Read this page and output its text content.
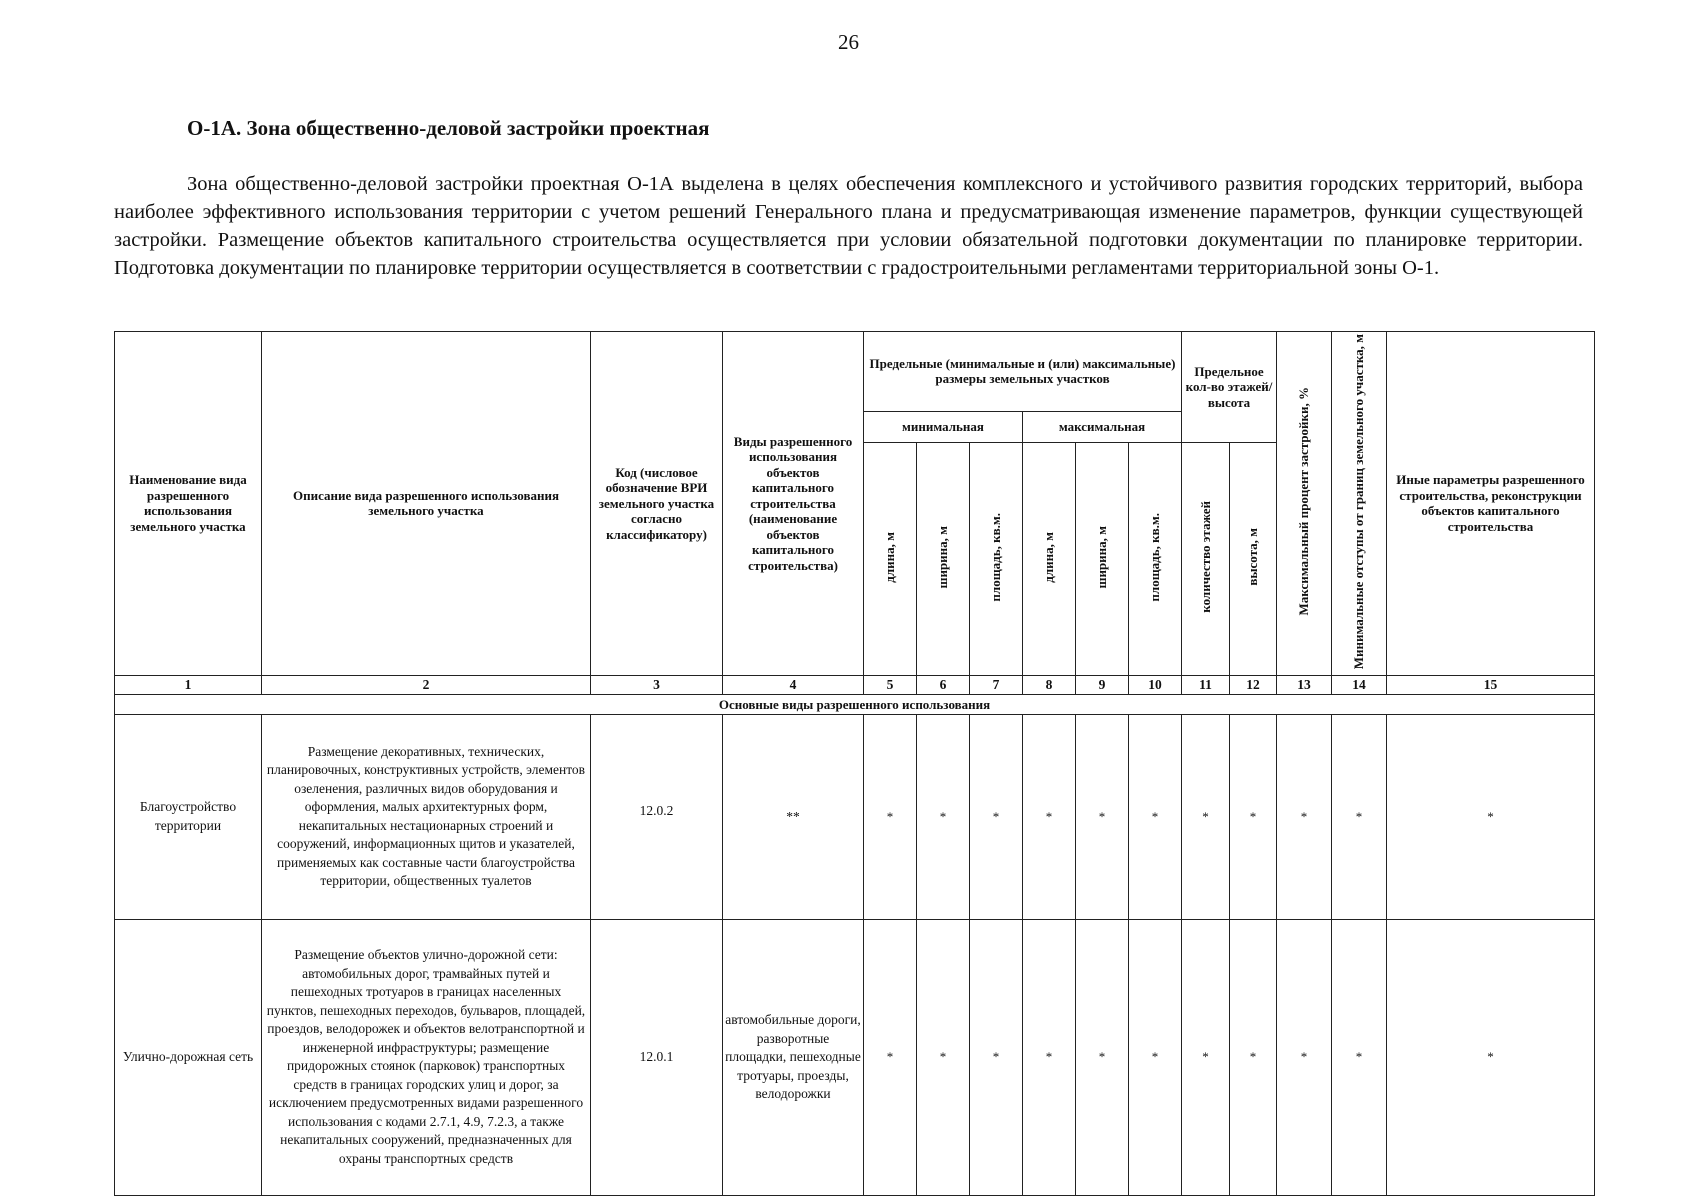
26
О-1А. Зона общественно-деловой застройки проектная

Зона общественно-деловой застройки проектная О-1А выделена в целях обеспечения комплексного и устойчивого развития городских территорий, выбора наиболее эффективного использования территории с учетом решений Генерального плана и предусматривающая изменение параметров, функции существующей застройки. Размещение объектов капитального строительства осуществляется при условии обязательной подготовки документации по планировке территории. Подготовка документации по планировке территории осуществляется в соответствии с градостроительными регламентами территориальной зоны О-1.

Наименование вида разрешенного использования земельного участка	Описание вида разрешенного использования земельного участка	Код (числовое обозначение ВРИ земельного участка согласно классификатору)	Виды разрешенного использования объектов капитального строительства (наименование объектов капитального строительства)	Предельные (минимальные и (или) максимальные) размеры земельных участков						Предельное кол-во этажей/ высота		Максимальный процент застройки, %	Минимальные отступы от границ земельного участка, м	Иные параметры разрешенного строительства, реконструкции объектов капитального строительства
				минимальная			максимальная							
				длина, м	ширина, м	площадь, кв.м.	длина, м	ширина, м	площадь, кв.м.	количество этажей	высота, м			
1	2	3	4	5	6	7	8	9	10	11	12	13	14	15
Основные виды разрешенного использования														
Благоустройство территории	Размещение декоративных, технических, планировочных, конструктивных устройств, элементов озеленения, различных видов оборудования и оформления, малых архитектурных форм, некапитальных нестационарных строений и сооружений, информационных щитов и указателей, применяемых как составные части благоустройства территории, общественных туалетов	12.0.2	**	*	*	*	*	*	*	*	*	*	*	*
Улично-дорожная сеть	Размещение объектов улично-дорожной сети: автомобильных дорог, трамвайных путей и пешеходных тротуаров в границах населенных пунктов, пешеходных переходов, бульваров, площадей, проездов, велодорожек и объектов велотранспортной и инженерной инфраструктуры; размещение придорожных стоянок (парковок) транспортных средств в границах городских улиц и дорог, за исключением предусмотренных видами разрешенного использования с кодами 2.7.1, 4.9, 7.2.3, а также некапитальных сооружений, предназначенных для охраны транспортных средств	12.0.1	автомобильные дороги, разворотные площадки, пешеходные тротуары, проезды, велодорожки	*	*	*	*	*	*	*	*	*	*	*
